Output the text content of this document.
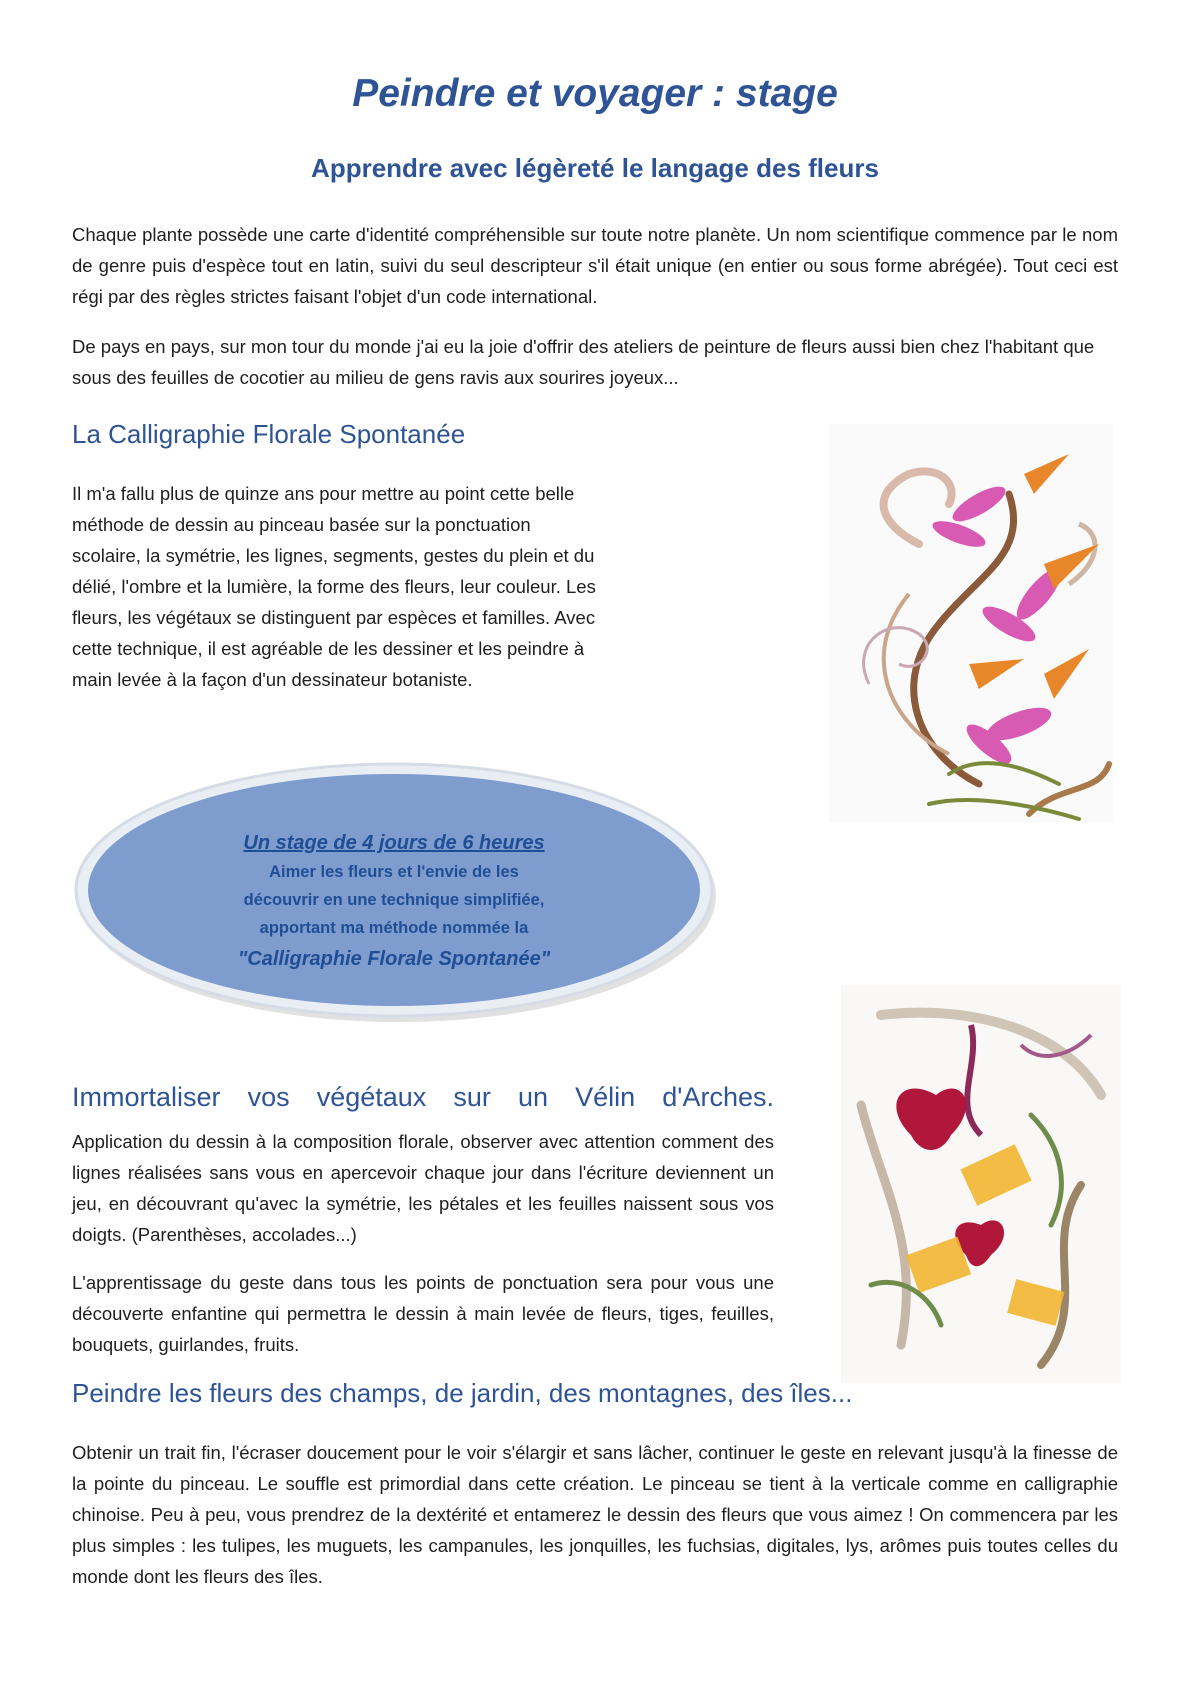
Peindre et voyager : stage
Apprendre avec légèreté le langage des fleurs
Chaque plante possède une carte d'identité compréhensible sur toute notre planète. Un nom scientifique commence par le nom de genre puis d'espèce tout en latin, suivi du seul descripteur s'il était unique (en entier ou sous forme abrégée). Tout ceci est régi par des règles strictes faisant l'objet d'un code international.
De pays en pays, sur mon tour du monde j'ai eu la joie d'offrir des ateliers de peinture de fleurs aussi bien chez l'habitant que sous des feuilles de cocotier au milieu de gens ravis aux sourires joyeux...
La Calligraphie Florale Spontanée
Il m'a fallu plus de quinze ans pour mettre au point cette belle méthode de dessin au pinceau basée sur la ponctuation scolaire, la symétrie, les lignes, segments, gestes du plein et du délié, l'ombre et la lumière, la forme des fleurs, leur couleur. Les fleurs, les végétaux se distinguent par espèces et familles. Avec cette technique, il est agréable de les dessiner et les peindre à main levée à la façon d'un dessinateur botaniste.
Un stage de 4 jours de 6 heures
Aimer les fleurs et l'envie de les
découvrir en une technique simplifiée,
apportant ma méthode nommée la
"Calligraphie Florale Spontanée"
Immortaliser vos végétaux sur un Vélin d'Arches.
Application du dessin à la composition florale, observer avec attention comment des lignes réalisées sans vous en apercevoir chaque jour dans l'écriture deviennent un jeu, en découvrant qu'avec la symétrie, les pétales et les feuilles naissent sous vos doigts. (Parenthèses, accolades...)
L'apprentissage du geste dans tous les points de ponctuation sera pour vous une découverte enfantine qui permettra le dessin à main levée de fleurs, tiges, feuilles, bouquets, guirlandes, fruits.
Peindre les fleurs des champs, de jardin, des montagnes, des îles...
Obtenir un trait fin, l'écraser doucement pour le voir s'élargir et sans lâcher, continuer le geste en relevant jusqu'à la finesse de la pointe du pinceau. Le souffle est primordial dans cette création. Le pinceau se tient à la verticale comme en calligraphie chinoise. Peu à peu, vous prendrez de la dextérité et entamerez le dessin des fleurs que vous aimez ! On commencera par les plus simples : les tulipes, les muguets, les campanules, les jonquilles, les fuchsias, digitales, lys, arômes puis toutes celles du monde dont les fleurs des îles.
